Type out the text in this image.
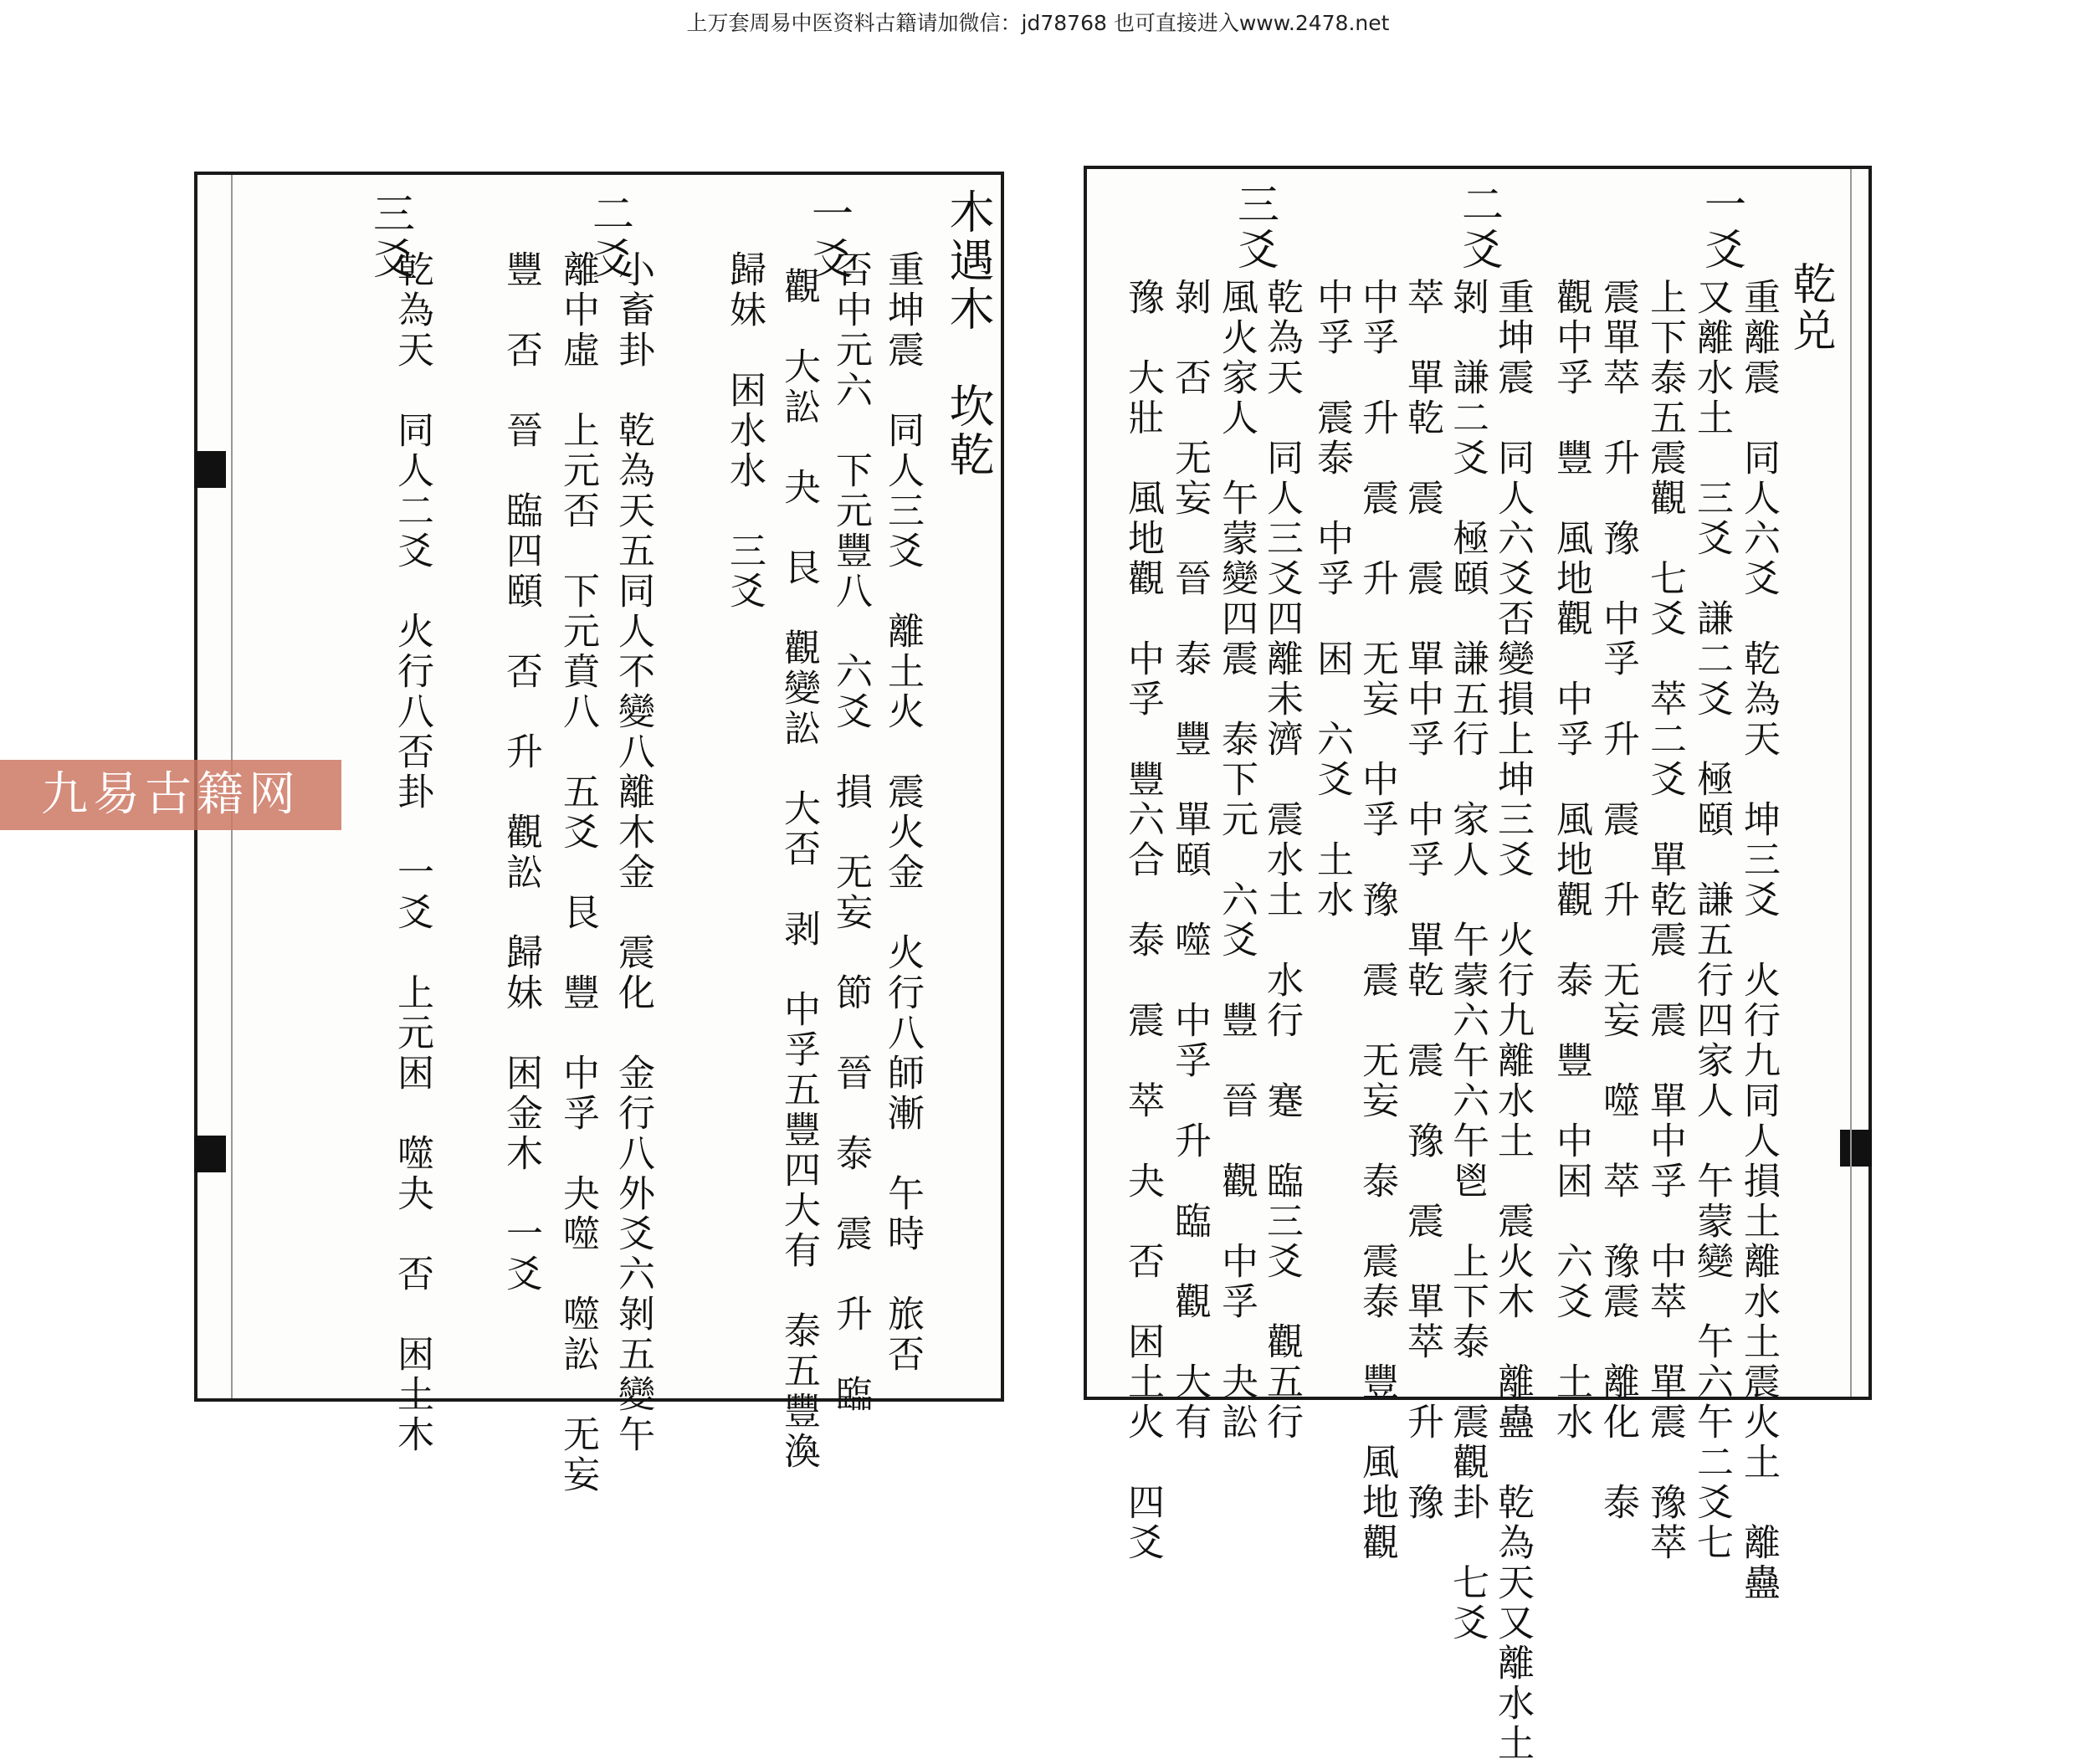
上万套周易中医资料古籍请加微信：jd78768 也可直接进入www.2478.net
木遇木　坎乾
重坤震　同人三爻　離土火　震火金　火行八師漸　午時　旅否
否中元六　下元豐八　六爻　損　无妄　節　晉　泰　震　升　臨
觀　大訟　夬　艮　觀變訟　大否　剥　中孚五豐四大有　泰五豐渙
歸妹　困水水　三爻
小畜卦　乾為天五同人不變八離木金　震化　金行八外爻六剝五變午
離中虛　上元否　下元賁八　五爻　艮　豐　中孚　夬噬　噬訟　无妄
豐　否　晉　臨四頤　否　升　觀訟　歸妹　困金木　一爻
乾為天　同人二爻　火行八否卦　一爻　上元困　噬夬　否　困土木
一爻
二爻
三爻
乾兑
重離震　同人六爻　乾為天　坤三爻　火行九同人損土離水土震火土　離蠱
又離水土　三爻　謙二爻　極頤　謙五行四家人　午蒙變　午六午二爻七
上下泰五震觀　七爻　萃二爻　單乾震　震　單中孚　中萃　單震　豫萃
震單萃　升　豫　中孚　升　震　升　无妄　噬　萃　豫震　離化　泰
觀中孚　豐　風地觀　中孚　風地觀　泰　豐　中困　六爻　土水
重坤震　同人六爻否變損上坤三爻　火行九離水土　震火木　離蠱　乾為天又離水土
剝　謙二爻　極頤　謙五行　家人　午蒙六午六午鬯　上下泰　震觀卦　七爻
萃　單乾　震　震　單中孚　中孚　單乾　震　豫　震　單萃　升　豫
中孚　升　震　升　无妄　中孚　豫　震　无妄　泰　震泰　豐　風地觀
中孚　震泰　中孚　困　六爻　土水
乾為天　同人三爻四離未濟　震水土　水行　蹇　臨三爻　觀五行
風火家人　午蒙變四震　泰下元　六爻　豐　晉　觀　中孚　夬訟
剝　否　无妄　晉　泰　豐　單頤　噬　中孚　升　臨　觀　大有
豫　大壯　風地觀　中孚　豐六合　泰　震　萃　夬　否　困土火　四爻
一爻
二爻
三爻
九易古籍网
